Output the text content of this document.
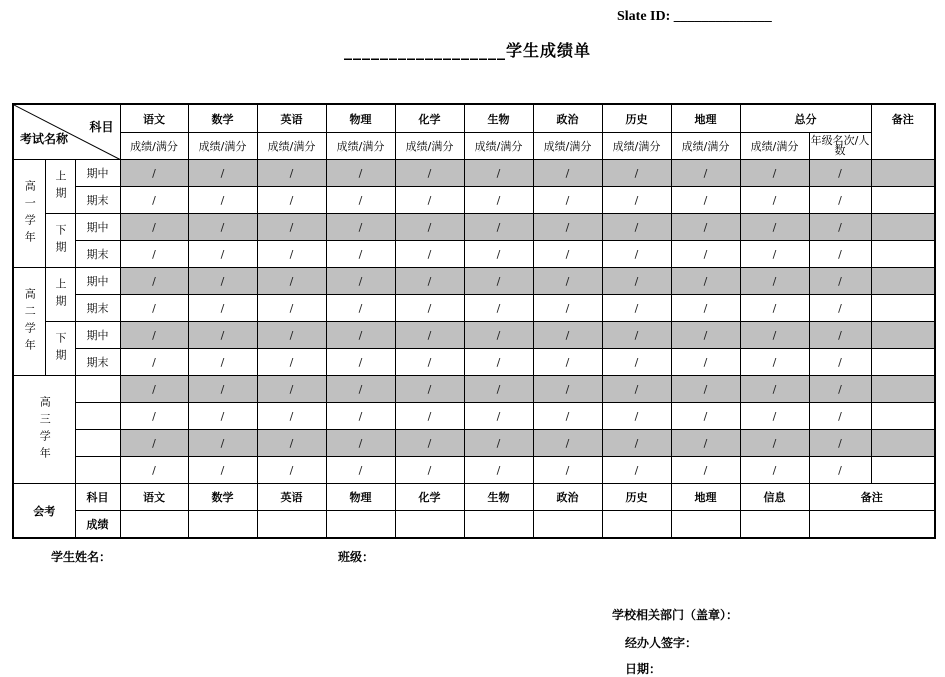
Slate ID: ______________
__________________学生成绩单
科目
考试名称			语文	数学	英语	物理	化学	生物	政治	历史	地理	总分		备注
			成绩/满分	成绩/满分	成绩/满分	成绩/满分	成绩/满分	成绩/满分	成绩/满分	成绩/满分	成绩/满分	成绩/满分	年级名次/人数	
高一学年	上期	期中	/	/	/	/	/	/	/	/	/	/	/	
		期末	/	/	/	/	/	/	/	/	/	/	/	
	下期	期中	/	/	/	/	/	/	/	/	/	/	/	
		期末	/	/	/	/	/	/	/	/	/	/	/	
高二学年	上期	期中	/	/	/	/	/	/	/	/	/	/	/	
		期末	/	/	/	/	/	/	/	/	/	/	/	
	下期	期中	/	/	/	/	/	/	/	/	/	/	/	
		期末	/	/	/	/	/	/	/	/	/	/	/	
高三学年			/	/	/	/	/	/	/	/	/	/	/	
			/	/	/	/	/	/	/	/	/	/	/	
			/	/	/	/	/	/	/	/	/	/	/	
			/	/	/	/	/	/	/	/	/	/	/	
会考		科目	语文	数学	英语	物理	化学	生物	政治	历史	地理	信息	备注	
		成绩												
学生姓名：	班级：
学校相关部门（盖章）：
经办人签字：
日期：
